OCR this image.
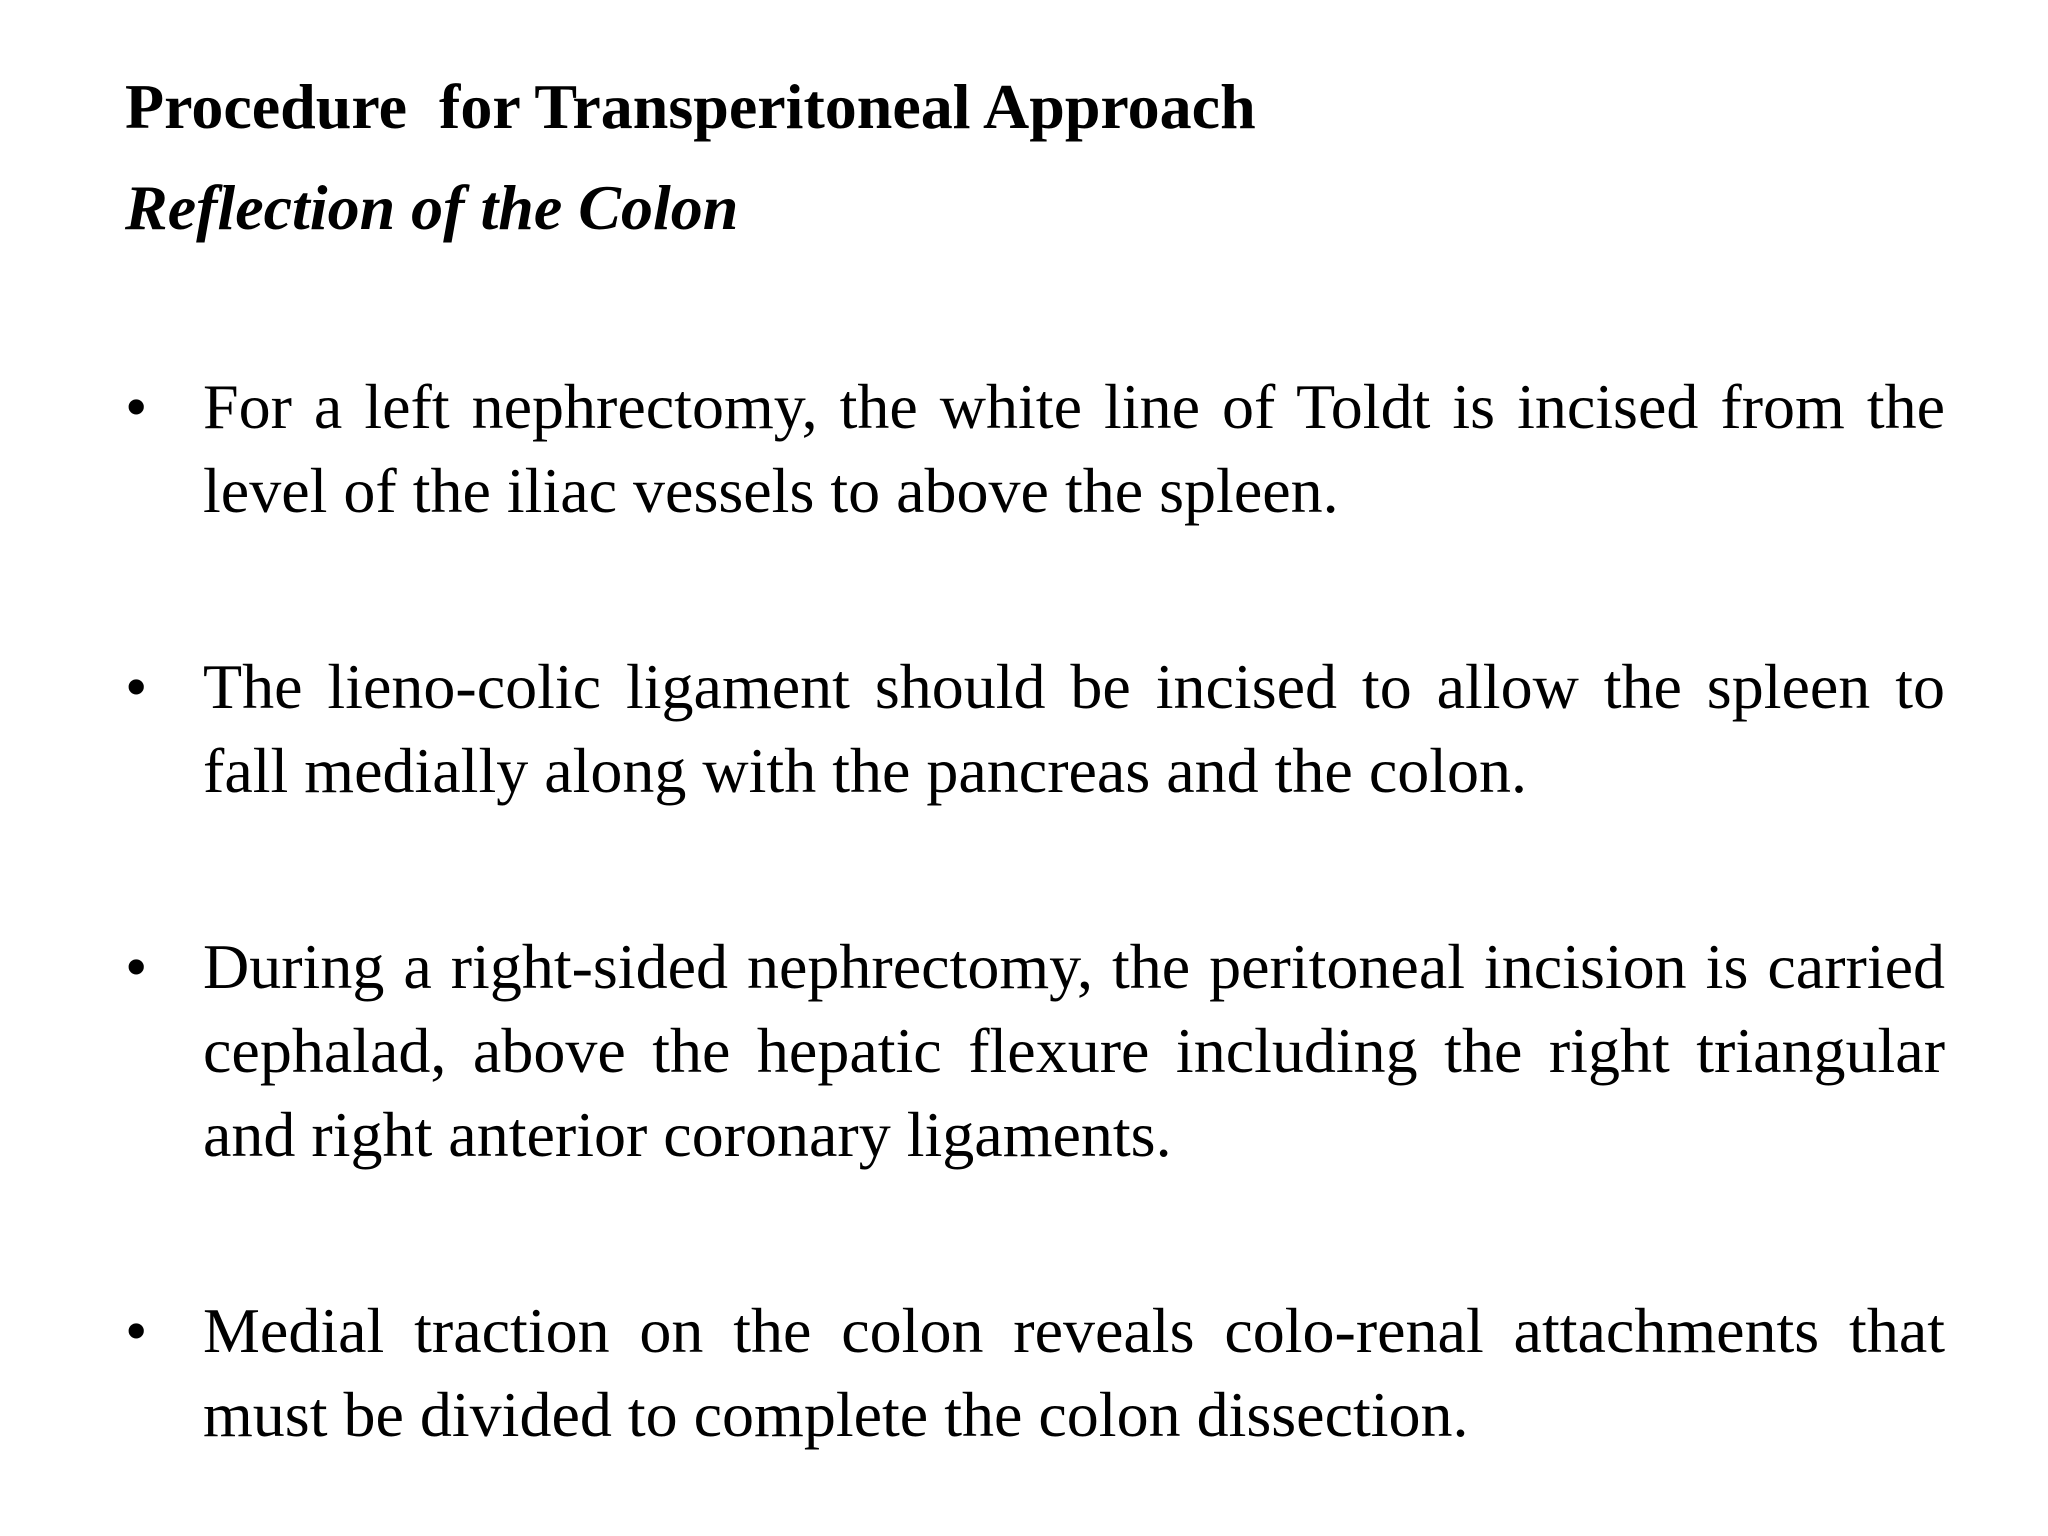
Procedure  for Transperitoneal Approach
Reflection of the Colon
• For a left nephrectomy, the white line of Toldt is incised from the level of the iliac vessels to above the spleen.
• The lieno-colic ligament should be incised to allow the spleen to fall medially along with the pancreas and the colon.
• During a right-sided nephrectomy, the peritoneal incision is carried cephalad, above the hepatic flexure including the right triangular and right anterior coronary ligaments.
• Medial traction on the colon reveals colo-renal attachments that must be divided to complete the colon dissection.
